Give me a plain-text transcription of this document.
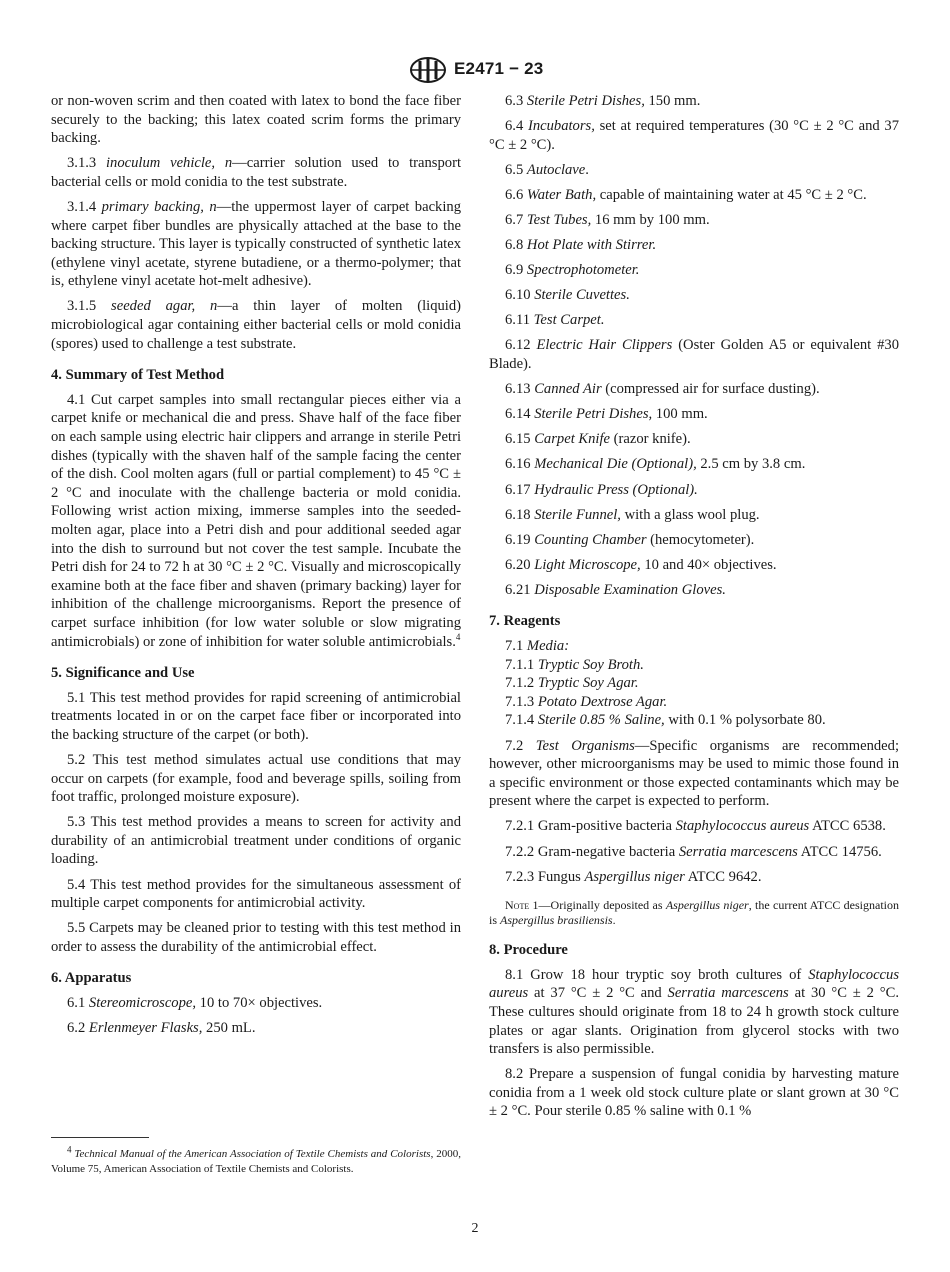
E2471 − 23

or non-woven scrim and then coated with latex to bond the face fiber securely to the backing; this latex coated scrim forms the primary backing.

3.1.3 inoculum vehicle, n—carrier solution used to transport bacterial cells or mold conidia to the test substrate.

3.1.4 primary backing, n—the uppermost layer of carpet backing where carpet fiber bundles are physically attached at the base to the backing structure. This layer is typically constructed of synthetic latex (ethylene vinyl acetate, styrene butadiene, or a thermo-polymer; that is, ethylene vinyl acetate hot-melt adhesive).

3.1.5 seeded agar, n—a thin layer of molten (liquid) microbiological agar containing either bacterial cells or mold conidia (spores) used to challenge a test substrate.

4. Summary of Test Method

4.1 Cut carpet samples into small rectangular pieces either via a carpet knife or mechanical die and press. Shave half of the face fiber on each sample using electric hair clippers and arrange in sterile Petri dishes (typically with the shaven half of the sample facing the center of the dish. Cool molten agars (full or partial complement) to 45 °C ± 2 °C and inoculate with the challenge bacteria or mold conidia. Following wrist action mixing, immerse samples into the seeded-molten agar, place into a Petri dish and pour additional seeded agar into the dish to surround but not cover the test sample. Incubate the Petri dish for 24 to 72 h at 30 °C ± 2 °C. Visually and microscopically examine both at the face fiber and shaven (primary backing) layer for inhibition of the challenge microorganisms. Report the presence of carpet surface inhibition (for low water soluble or slow migrating antimicrobials) or zone of inhibition for water soluble antimicrobials.$^4$

5. Significance and Use

5.1 This test method provides for rapid screening of antimicrobial treatments located in or on the carpet face fiber or incorporated into the backing structure of the carpet (or both).

5.2 This test method simulates actual use conditions that may occur on carpets (for example, food and beverage spills, soiling from foot traffic, prolonged moisture exposure).

5.3 This test method provides a means to screen for activity and durability of an antimicrobial treatment under conditions of organic loading.

5.4 This test method provides for the simultaneous assessment of multiple carpet components for antimicrobial activity.

5.5 Carpets may be cleaned prior to testing with this test method in order to assess the durability of the antimicrobial effect.

6. Apparatus

6.1 Stereomicroscope, 10 to 70× objectives.

6.2 Erlenmeyer Flasks, 250 mL.

$^4$ Technical Manual of the American Association of Textile Chemists and Colorists, 2000, Volume 75, American Association of Textile Chemists and Colorists.

6.3 Sterile Petri Dishes, 150 mm.

6.4 Incubators, set at required temperatures (30 °C ± 2 °C and 37 °C ± 2 °C).

6.5 Autoclave.

6.6 Water Bath, capable of maintaining water at 45 °C ± 2 °C.

6.7 Test Tubes, 16 mm by 100 mm.

6.8 Hot Plate with Stirrer.

6.9 Spectrophotometer.

6.10 Sterile Cuvettes.

6.11 Test Carpet.

6.12 Electric Hair Clippers (Oster Golden A5 or equivalent #30 Blade).

6.13 Canned Air (compressed air for surface dusting).

6.14 Sterile Petri Dishes, 100 mm.

6.15 Carpet Knife (razor knife).

6.16 Mechanical Die (Optional), 2.5 cm by 3.8 cm.

6.17 Hydraulic Press (Optional).

6.18 Sterile Funnel, with a glass wool plug.

6.19 Counting Chamber (hemocytometer).

6.20 Light Microscope, 10 and 40× objectives.

6.21 Disposable Examination Gloves.

7. Reagents

7.1 Media:

7.1.1 Tryptic Soy Broth.

7.1.2 Tryptic Soy Agar.

7.1.3 Potato Dextrose Agar.

7.1.4 Sterile 0.85 % Saline, with 0.1 % polysorbate 80.

7.2 Test Organisms—Specific organisms are recommended; however, other microorganisms may be used to mimic those found in a specific environment or those expected contaminants which may be present where the carpet is expected to perform.

7.2.1 Gram-positive bacteria Staphylococcus aureus ATCC 6538.

7.2.2 Gram-negative bacteria Serratia marcescens ATCC 14756.

7.2.3 Fungus Aspergillus niger ATCC 9642.

Note 1—Originally deposited as Aspergillus niger, the current ATCC designation is Aspergillus brasiliensis.

8. Procedure

8.1 Grow 18 hour tryptic soy broth cultures of Staphylococcus aureus at 37 °C ± 2 °C and Serratia marcescens at 30 °C ± 2 °C. These cultures should originate from 18 to 24 h growth stock culture plates or agar slants. Origination from glycerol stocks with two transfers is also permissible.

8.2 Prepare a suspension of fungal conidia by harvesting mature conidia from a 1 week old stock culture plate or slant grown at 30 °C ± 2 °C. Pour sterile 0.85 % saline with 0.1 %

2
